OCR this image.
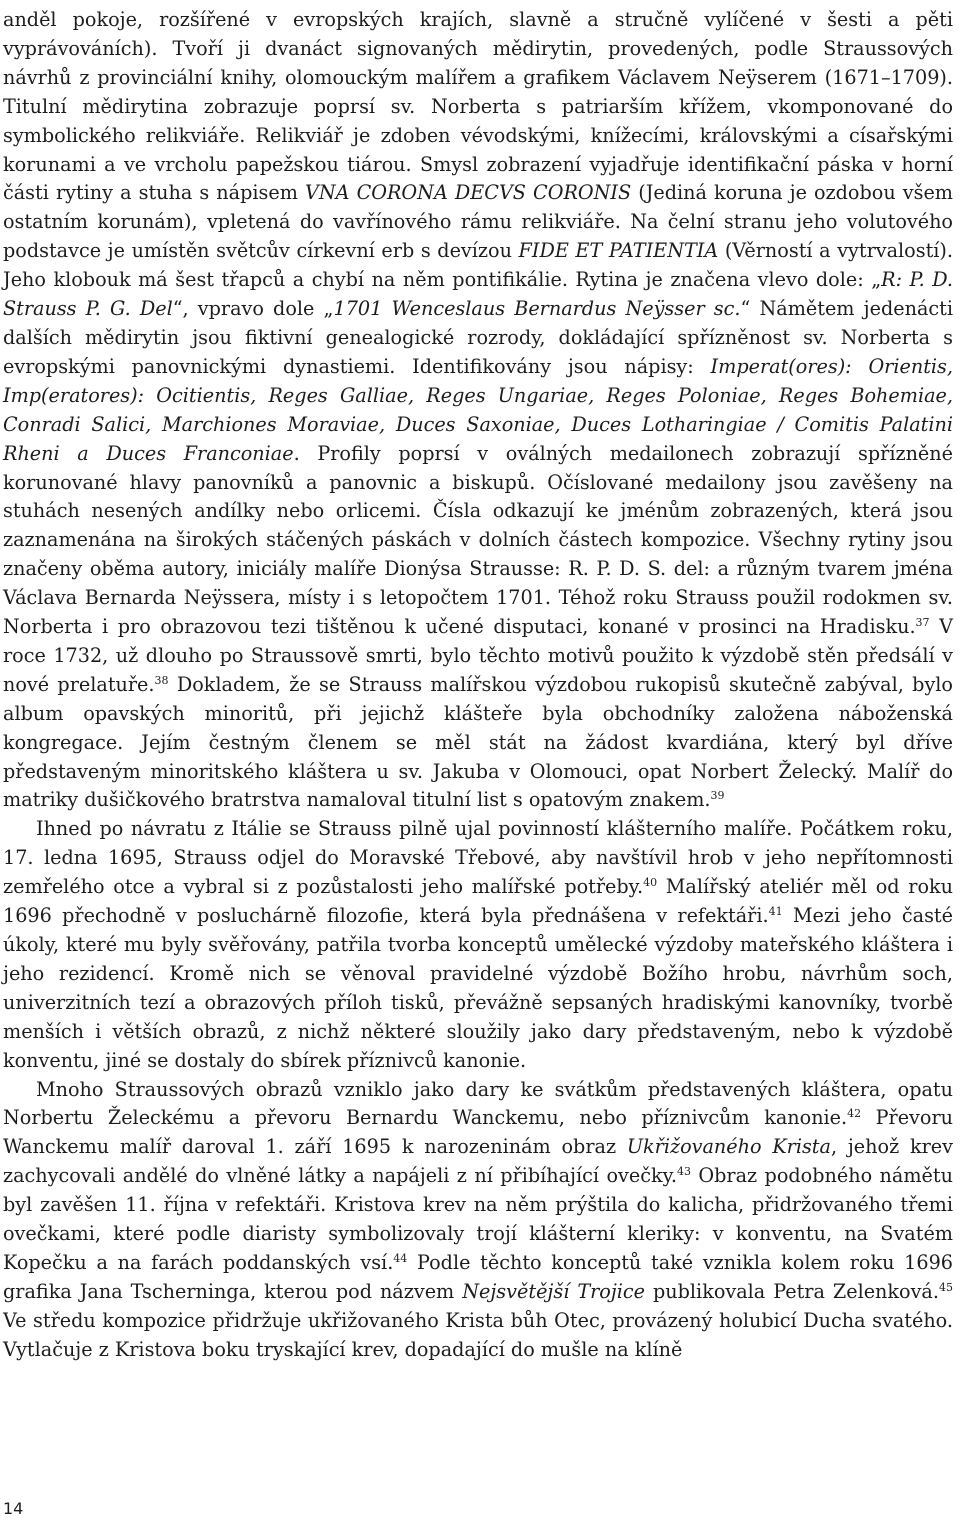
anděl pokoje, rozšířené v evropských krajích, slavně a stručně vylíčené v šesti a pěti vyprávováních). Tvoří ji dvanáct signovaných mědirytin, provedených, podle Straussových návrhů z provinciální knihy, olomouckým malířem a grafikem Václavem Neÿserem (1671–1709). Titulní mědirytina zobrazuje poprsí sv. Norberta s patriarším křížem, vkomponované do symbolického relikviáře. Relikviář je zdoben vévodskými, knížecími, královskými a císařskými korunami a ve vrcholu papežskou tiárou. Smysl zobrazení vyjadřuje identifikační páska v horní části rytiny a stuha s nápisem VNA CORONA DECVS CORONIS (Jediná koruna je ozdobou všem ostatním korunám), vpletená do vavřínového rámu relikviáře. Na čelní stranu jeho volutového podstavce je umístěn světcův církevní erb s devízou FIDE ET PATIENTIA (Věrností a vytrvalostí). Jeho klobouk má šest třapců a chybí na něm pontifikálie. Rytina je značena vlevo dole: „R: P. D. Strauss P. G. Del“, vpravo dole „1701 Wenceslaus Bernardus Neÿsser sc.“ Námětem jedenácti dalších mědirytin jsou fiktivní genealogické rozrody, dokládající spřízněnost sv. Norberta s evropskými panovnickými dynastiemi. Identifikovány jsou nápisy: Imperat(ores): Orientis, Imp(eratores): Ocitientis, Reges Galliae, Reges Ungariae, Reges Poloniae, Reges Bohemiae, Conradi Salici, Marchiones Moraviae, Duces Saxoniae, Duces Lotharingiae / Comitis Palatini Rheni a Duces Franconiae. Profily poprsí v oválných medailonech zobrazují spřízněné korunované hlavy panovníků a panovnic a biskupů. Očíslované medailony jsou zavěšeny na stuhách nesených andílky nebo orlicemi. Čísla odkazují ke jménům zobrazených, která jsou zaznamenána na širokých stáčených páskách v dolních částech kompozice. Všechny rytiny jsou značeny oběma autory, iniciály malíře Dionýsa Strausse: R. P. D. S. del: a různým tvarem jména Václava Bernarda Neÿssera, místy i s letopočtem 1701. Téhož roku Strauss použil rodokmen sv. Norberta i pro obrazovou tezi tištěnou k učené disputaci, konané v prosinci na Hradisku.$^{37}$ V roce 1732, už dlouho po Straussově smrti, bylo těchto motivů použito k výzdobě stěn předsálí v nové prelatuře.$^{38}$ Dokladem, že se Strauss malířskou výzdobou rukopisů skutečně zabýval, bylo album opavských minoritů, při jejichž klášteře byla obchodníky založena náboženská kongregace. Jejím čestným členem se měl stát na žádost kvardiána, který byl dříve představeným minoritského kláštera u sv. Jakuba v Olomouci, opat Norbert Želecký. Malíř do matriky dušičkového bratrstva namaloval titulní list s opatovým znakem.$^{39}$

Ihned po návratu z Itálie se Strauss pilně ujal povinností klášterního malíře. Počátkem roku, 17. ledna 1695, Strauss odjel do Moravské Třebové, aby navštívil hrob v jeho nepřítomnosti zemřelého otce a vybral si z pozůstalosti jeho malířské potřeby.$^{40}$ Malířský ateliér měl od roku 1696 přechodně v posluchárně filozofie, která byla přednášena v refektáři.$^{41}$ Mezi jeho časté úkoly, které mu byly svěřovány, patřila tvorba konceptů umělecké výzdoby mateřského kláštera i jeho rezidencí. Kromě nich se věnoval pravidelné výzdobě Božího hrobu, návrhům soch, univerzitních tezí a obrazových příloh tisků, převážně sepsaných hradiskými kanovníky, tvorbě menších i větších obrazů, z nichž některé sloužily jako dary představeným, nebo k výzdobě konventu, jiné se dostaly do sbírek příznivců kanonie.

Mnoho Straussových obrazů vzniklo jako dary ke svátkům představených kláštera, opatu Norbertu Želeckému a převoru Bernardu Wanckemu, nebo příznivcům kanonie.$^{42}$ Převoru Wanckemu malíř daroval 1. září 1695 k narozeninám obraz Ukřižovaného Krista, jehož krev zachycovali andělé do vlněné látky a napájeli z ní přibíhající ovečky.$^{43}$ Obraz podobného námětu byl zavěšen 11. října v refektáři. Kristova krev na něm prýštila do kalicha, přidržovaného třemi ovečkami, které podle diaristy symbolizovaly trojí klášterní kleriky: v konventu, na Svatém Kopečku a na farách poddanských vsí.$^{44}$ Podle těchto konceptů také vznikla kolem roku 1696 grafika Jana Tscherninga, kterou pod názvem Nejsvětější Trojice publikovala Petra Zelenková.$^{45}$ Ve středu kompozice přidržuje ukřižovaného Krista bůh Otec, provázený holubicí Ducha svatého. Vytlačuje z Kristova boku tryskající krev, dopadající do mušle na klíně

14
